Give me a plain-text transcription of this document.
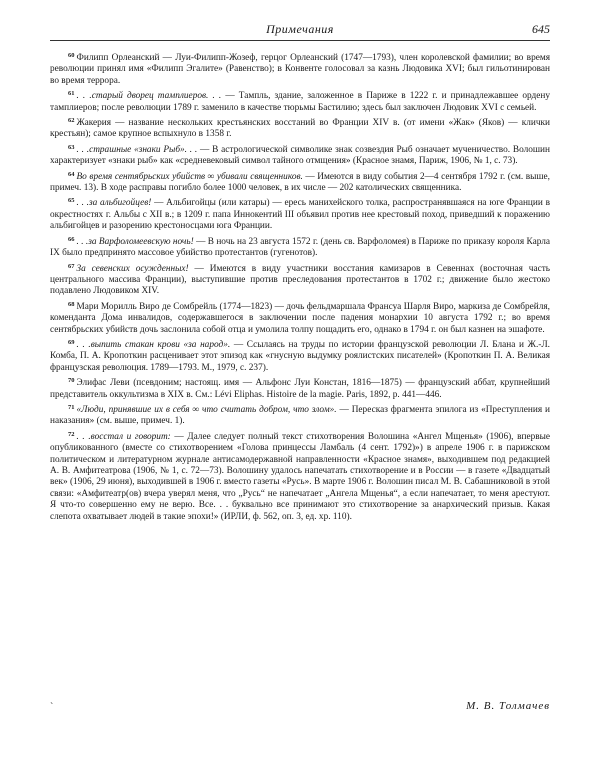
Примечания	645

$^{60}$ Филипп Орлеанский — Луи-Филипп-Жозеф, герцог Орлеанский (1747—1793), член королевской фамилии; во время революции принял имя «Филипп Эгалите» (Равенство); в Конвенте голосовал за казнь Людовика XVI; был гильотинирован во время террора.

$^{61}$ . . .старый дворец тамплиеров. . . — Тампль, здание, заложенное в Париже в 1222 г. и принадлежавшее ордену тамплиеров; после революции 1789 г. заменило в качестве тюрьмы Бастилию; здесь был заключен Людовик XVI с семьей.

$^{62}$ Жакерия — название нескольких крестьянских восстаний во Франции XIV в. (от имени «Жак» (Яков) — клички крестьян); самое крупное вспыхнуло в 1358 г.

$^{63}$ . . .страшные «знаки Рыб». . . — В астрологической символике знак созвездия Рыб означает мученичество. Волошин характеризует «знаки рыб» как «средневековый символ тайного отмщения» (Красное знамя, Париж, 1906, № 1, с. 73).

$^{64}$ Во время сентябрьских убийств ∞ убивали священников. — Имеются в виду события 2—4 сентября 1792 г. (см. выше, примеч. 13). В ходе расправы погибло более 1000 человек, в их числе — 202 католических священника.

$^{65}$ . . .за альбигойцев! — Альбигойцы (или катары) — ересь манихейского толка, распространявшаяся на юге Франции в окрестностях г. Альбы с XII в.; в 1209 г. папа Иннокентий III объявил против нее крестовый поход, приведший к поражению альбигойцев и разорению крестоносцами юга Франции.

$^{66}$ . . .за Варфоломеевскую ночь! — В ночь на 23 августа 1572 г. (день св. Варфоломея) в Париже по приказу короля Карла IX было предпринято массовое убийство протестантов (гугенотов).

$^{67}$ За севенских осужденных! — Имеются в виду участники восстания камизаров в Севеннах (восточная часть центрального массива Франции), выступившие против преследования протестантов в 1702 г.; движение было жестоко подавлено Людовиком XIV.

$^{68}$ Мари Морилль Виро де Сомбрейль (1774—1823) — дочь фельдмаршала Франсуа Шарля Виро, маркиза де Сомбрейля, коменданта Дома инвалидов, содержавшегося в заключении после падения монархии 10 августа 1792 г.; во время сентябрьских убийств дочь заслонила собой отца и умолила толпу пощадить его, однако в 1794 г. он был казнен на эшафоте.

$^{69}$ . . .выпить стакан крови «за народ». — Ссылаясь на труды по истории французской революции Л. Блана и Ж.-Л. Комба, П. А. Кропоткин расценивает этот эпизод как «гнусную выдумку роялистских писателей» (Кропоткин П. А. Великая французская революция. 1789—1793. М., 1979, с. 237).

$^{70}$ Элифас Леви (псевдоним; настоящ. имя — Альфонс Луи Констан, 1816—1875) — французский аббат, крупнейший представитель оккультизма в XIX в. См.: Lévi Eliphas. Histoire de la magie. Paris, 1892, p. 441—446.

$^{71}$ «Люди, принявшие их в себя ∞ что считать добром, что злом». — Пересказ фрагмента эпилога из «Преступления и наказания» (см. выше, примеч. 1).

$^{72}$ . . .восстал и говорит: — Далее следует полный текст стихотворения Волошина «Ангел Мщенья» (1906), впервые опубликованного (вместе со стихотворением «Голова принцессы Ламбаль (4 сент. 1792)») в апреле 1906 г. в парижском политическом и литературном журнале антисамодержавной направленности «Красное знамя», выходившем под редакцией А. В. Амфитеатрова (1906, № 1, с. 72—73). Волошину удалось напечатать стихотворение и в России — в газете «Двадцатый век» (1906, 29 июня), выходившей в 1906 г. вместо газеты «Русь». В марте 1906 г. Волошин писал М. В. Сабашниковой в этой связи: «Амфитеатр(ов) вчера уверял меня, что „Русь“ не напечатает „Ангела Мщенья“, а если напечатает, то меня арестуют. Я что-то совершенно ему не верю. Все. . . буквально все принимают это стихотворение за анархический призыв. Какая слепота охватывает людей в такие эпохи!» (ИРЛИ, ф. 562, оп. 3, ед. хр. 110).

`	М. В. Толмачев
